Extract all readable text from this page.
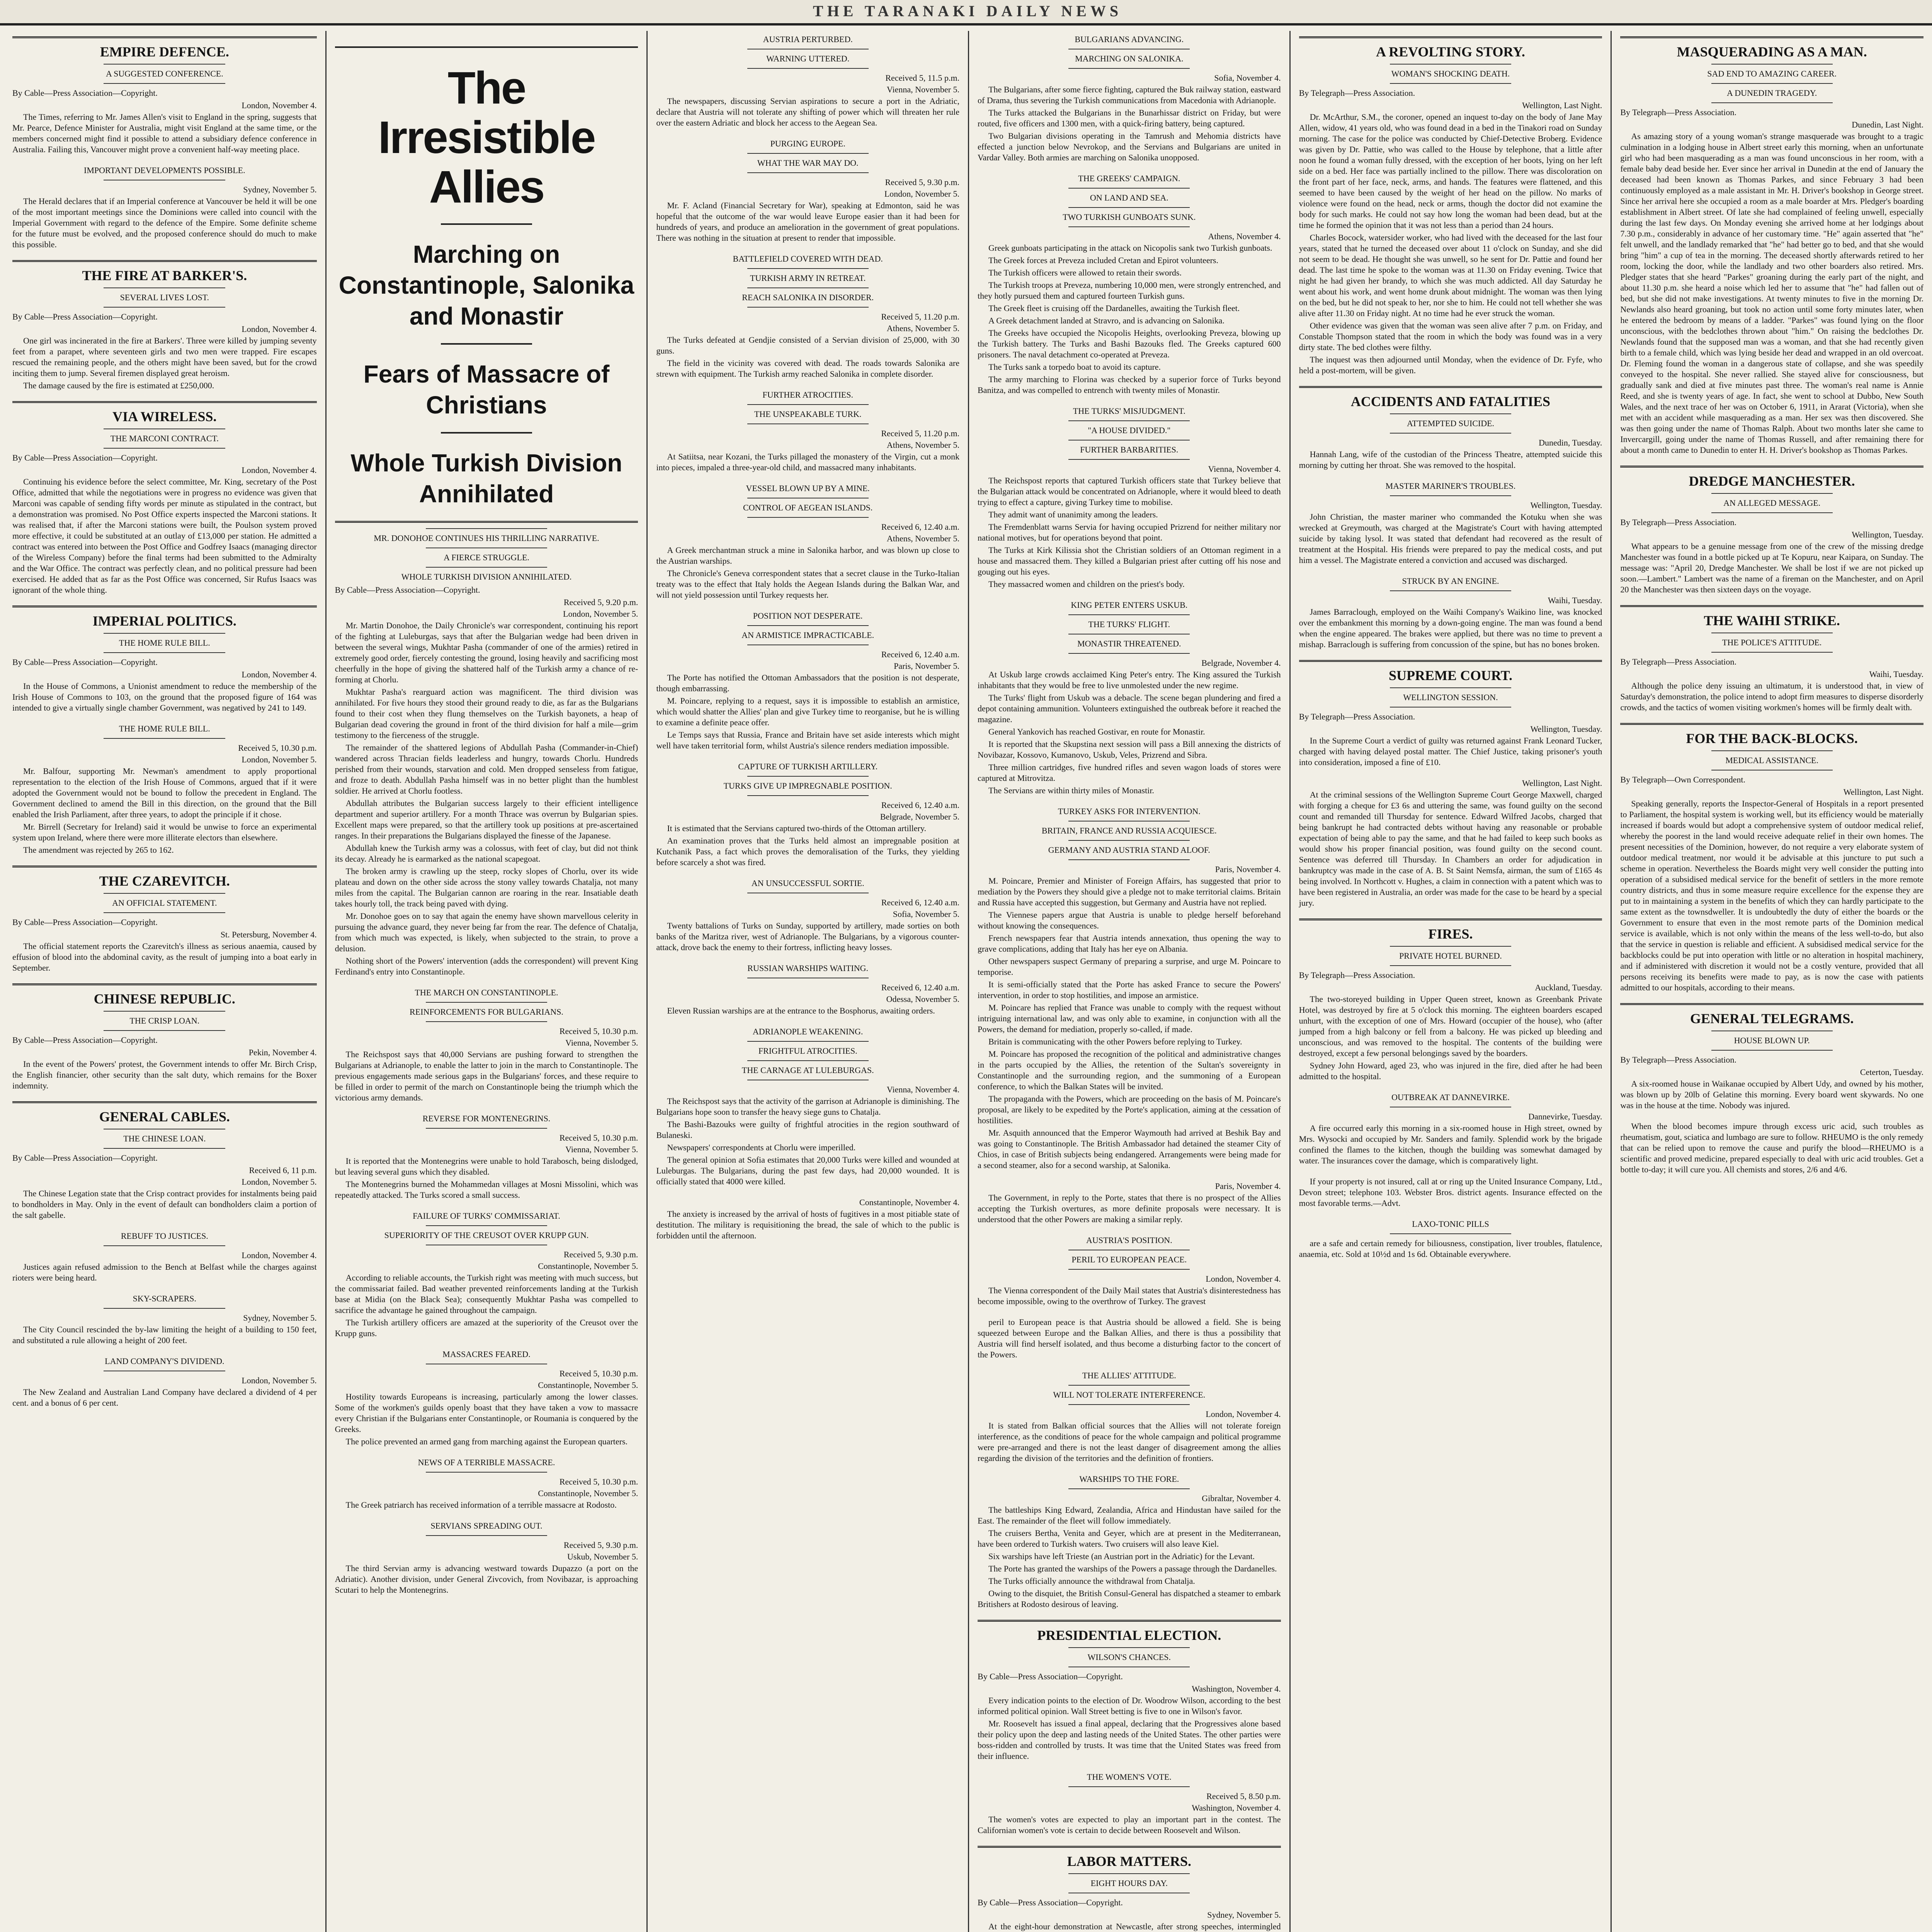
THE TARANAKI DAILY NEWS
EMPIRE DEFENCE.
A SUGGESTED CONFERENCE.
By Cable—Press Association—Copyright.
London, November 4.

The Times, referring to Mr. James Allen's visit to England in the spring, suggests that Mr. Pearce, Defence Minister for Australia, might visit England at the same time, or the members concerned might find it possible to attend a subsidiary defence conference in Australia. Failing this, Vancouver might prove a convenient half-way meeting place.

IMPORTANT DEVELOPMENTS POSSIBLE.
Sydney, November 5.

The Herald declares that if an Imperial conference at Vancouver be held it will be one of the most important meetings since the Dominions were called into council with the Imperial Government with regard to the defence of the Empire. Some definite scheme for the future must be evolved, and the proposed conference should do much to make this possible.

THE FIRE AT BARKER'S.
SEVERAL LIVES LOST.
By Cable—Press Association—Copyright.
London, November 4.

One girl was incinerated in the fire at Barkers'. Three were killed by jumping seventy feet from a parapet, where seventeen girls and two men were trapped. Fire escapes rescued the remaining people, and the others might have been saved, but for the crowd inciting them to jump. Several firemen displayed great heroism.

The damage caused by the fire is estimated at £250,000.

VIA WIRELESS.
THE MARCONI CONTRACT.
By Cable—Press Association—Copyright.
London, November 4.

Continuing his evidence before the select committee, Mr. King, secretary of the Post Office, admitted that while the negotiations were in progress no evidence was given that Marconi was capable of sending fifty words per minute as stipulated in the contract, but a demonstration was promised. No Post Office experts inspected the Marconi stations. It was realised that, if after the Marconi stations were built, the Poulson system proved more effective, it could be substituted at an outlay of £13,000 per station. He admitted a contract was entered into between the Post Office and Godfrey Isaacs (managing director of the Wireless Company) before the final terms had been submitted to the Admiralty and the War Office. The contract was perfectly clean, and no political pressure had been exercised. He added that as far as the Post Office was concerned, Sir Rufus Isaacs was ignorant of the whole thing.

IMPERIAL POLITICS.
THE HOME RULE BILL.
By Cable—Press Association—Copyright.
London, November 4.

In the House of Commons, a Unionist amendment to reduce the membership of the Irish House of Commons to 103, on the ground that the proposed figure of 164 was intended to give a virtually single chamber Government, was negatived by 241 to 149.

THE HOME RULE BILL.
Received 5, 10.30 p.m.
London, November 5.

Mr. Balfour, supporting Mr. Newman's amendment to apply proportional representation to the election of the Irish House of Commons, argued that if it were adopted the Government would not be bound to follow the precedent in England. The Government declined to amend the Bill in this direction, on the ground that the Bill enabled the Irish Parliament, after three years, to adopt the principle if it chose.

Mr. Birrell (Secretary for Ireland) said it would be unwise to force an experimental system upon Ireland, where there were more illiterate electors than elsewhere.

The amendment was rejected by 265 to 162.

THE CZAREVITCH.
AN OFFICIAL STATEMENT.
By Cable—Press Association—Copyright.
St. Petersburg, November 4.

The official statement reports the Czarevitch's illness as serious anaemia, caused by effusion of blood into the abdominal cavity, as the result of jumping into a boat early in September.

CHINESE REPUBLIC.
THE CRISP LOAN.
By Cable—Press Association—Copyright.
Pekin, November 4.

In the event of the Powers' protest, the Government intends to offer Mr. Birch Crisp, the English financier, other security than the salt duty, which remains for the Boxer indemnity.

GENERAL CABLES.
THE CHINESE LOAN.
By Cable—Press Association—Copyright.
Received 6, 11 p.m.
London, November 5.

The Chinese Legation state that the Crisp contract provides for instalments being paid to bondholders in May. Only in the event of default can bondholders claim a portion of the salt gabelle.

REBUFF TO JUSTICES.
London, November 4.

Justices again refused admission to the Bench at Belfast while the charges against rioters were being heard.

SKY-SCRAPERS.
Sydney, November 5.

The City Council rescinded the by-law limiting the height of a building to 150 feet, and substituted a rule allowing a height of 200 feet.

LAND COMPANY'S DIVIDEND.
London, November 5.

The New Zealand and Australian Land Company have declared a dividend of 4 per cent. and a bonus of 6 per cent.

The Irresistible Allies
Marching on Constantinople, Salonika and Monastir
Fears of Massacre of Christians
Whole Turkish Division Annihilated
MR. DONOHOE CONTINUES HIS THRILLING NARRATIVE.
A FIERCE STRUGGLE.
WHOLE TURKISH DIVISION ANNIHILATED.
By Cable—Press Association—Copyright.
Received 5, 9.20 p.m.
London, November 5.

Mr. Martin Donohoe, the Daily Chronicle's war correspondent, continuing his report of the fighting at Luleburgas, says that after the Bulgarian wedge had been driven in between the several wings, Mukhtar Pasha (commander of one of the armies) retired in extremely good order, fiercely contesting the ground, losing heavily and sacrificing most cheerfully in the hope of giving the shattered half of the Turkish army a chance of re-forming at Chorlu.

Mukhtar Pasha's rearguard action was magnificent. The third division was annihilated. For five hours they stood their ground ready to die, as far as the Bulgarians found to their cost when they flung themselves on the Turkish bayonets, a heap of Bulgarian dead covering the ground in front of the third division for half a mile—grim testimony to the fierceness of the struggle.

The remainder of the shattered legions of Abdullah Pasha (Commander-in-Chief) wandered across Thracian fields leaderless and hungry, towards Chorlu. Hundreds perished from their wounds, starvation and cold. Men dropped senseless from fatigue, and froze to death. Abdullah Pasha himself was in no better plight than the humblest soldier. He arrived at Chorlu footless.

Abdullah attributes the Bulgarian success largely to their efficient intelligence department and superior artillery. For a month Thrace was overrun by Bulgarian spies. Excellent maps were prepared, so that the artillery took up positions at pre-ascertained ranges. In their preparations the Bulgarians displayed the finesse of the Japanese.

Abdullah knew the Turkish army was a colossus, with feet of clay, but did not think its decay. Already he is earmarked as the national scapegoat.

The broken army is crawling up the steep, rocky slopes of Chorlu, over its wide plateau and down on the other side across the stony valley towards Chatalja, not many miles from the capital. The Bulgarian cannon are roaring in the rear. Insatiable death takes hourly toll, the track being paved with dying.

Mr. Donohoe goes on to say that again the enemy have shown marvellous celerity in pursuing the advance guard, they never being far from the rear. The defence of Chatalja, from which much was expected, is likely, when subjected to the strain, to prove a delusion.

Nothing short of the Powers' intervention (adds the correspondent) will prevent King Ferdinand's entry into Constantinople.

THE MARCH ON CONSTANTINOPLE.
REINFORCEMENTS FOR BULGARIANS.
Received 5, 10.30 p.m.
Vienna, November 5.

The Reichspost says that 40,000 Servians are pushing forward to strengthen the Bulgarians at Adrianople, to enable the latter to join in the march to Constantinople. The previous engagements made serious gaps in the Bulgarians' forces, and these require to be filled in order to permit of the march on Constantinople being the triumph which the victorious army demands.

REVERSE FOR MONTENEGRINS.
Received 5, 10.30 p.m.
Vienna, November 5.

It is reported that the Montenegrins were unable to hold Tarabosch, being dislodged, but leaving several guns which they disabled.

The Montenegrins burned the Mohammedan villages at Mosni Missolini, which was repeatedly attacked. The Turks scored a small success.

FAILURE OF TURKS' COMMISSARIAT.
SUPERIORITY OF THE CREUSOT OVER KRUPP GUN.
Received 5, 9.30 p.m.
Constantinople, November 5.

According to reliable accounts, the Turkish right was meeting with much success, but the commissariat failed. Bad weather prevented reinforcements landing at the Turkish base at Midia (on the Black Sea); consequently Mukhtar Pasha was compelled to sacrifice the advantage he gained throughout the campaign.

The Turkish artillery officers are amazed at the superiority of the Creusot over the Krupp guns.

MASSACRES FEARED.
Received 5, 10.30 p.m.
Constantinople, November 5.

Hostility towards Europeans is increasing, particularly among the lower classes. Some of the workmen's guilds openly boast that they have taken a vow to massacre every Christian if the Bulgarians enter Constantinople, or Roumania is conquered by the Greeks.

The police prevented an armed gang from marching against the European quarters.

NEWS OF A TERRIBLE MASSACRE.
Received 5, 10.30 p.m.
Constantinople, November 5.

The Greek patriarch has received information of a terrible massacre at Rodosto.

SERVIANS SPREADING OUT.
Received 5, 9.30 p.m.
Uskub, November 5.

The third Servian army is advancing westward towards Dupazzo (a port on the Adriatic). Another division, under General Zivcovich, from Novibazar, is approaching Scutari to help the Montenegrins.

AUSTRIA PERTURBED.
WARNING UTTERED.
Received 5, 11.5 p.m.
Vienna, November 5.

The newspapers, discussing Servian aspirations to secure a port in the Adriatic, declare that Austria will not tolerate any shifting of power which will threaten her rule over the eastern Adriatic and block her access to the Aegean Sea.

PURGING EUROPE.
WHAT THE WAR MAY DO.
Received 5, 9.30 p.m.
London, November 5.

Mr. F. Acland (Financial Secretary for War), speaking at Edmonton, said he was hopeful that the outcome of the war would leave Europe easier than it had been for hundreds of years, and produce an amelioration in the government of great populations. There was nothing in the situation at present to render that impossible.

BATTLEFIELD COVERED WITH DEAD.
TURKISH ARMY IN RETREAT.
REACH SALONIKA IN DISORDER.
Received 5, 11.20 p.m.
Athens, November 5.

The Turks defeated at Gendjie consisted of a Servian division of 25,000, with 30 guns.

The field in the vicinity was covered with dead. The roads towards Salonika are strewn with equipment. The Turkish army reached Salonika in complete disorder.

FURTHER ATROCITIES.
THE UNSPEAKABLE TURK.
Received 5, 11.20 p.m.
Athens, November 5.

At Satiitsa, near Kozani, the Turks pillaged the monastery of the Virgin, cut a monk into pieces, impaled a three-year-old child, and massacred many inhabitants.

VESSEL BLOWN UP BY A MINE.
CONTROL OF AEGEAN ISLANDS.
Received 6, 12.40 a.m.
Athens, November 5.

A Greek merchantman struck a mine in Salonika harbor, and was blown up close to the Austrian warships.

The Chronicle's Geneva correspondent states that a secret clause in the Turko-Italian treaty was to the effect that Italy holds the Aegean Islands during the Balkan War, and will not yield possession until Turkey requests her.

POSITION NOT DESPERATE.
AN ARMISTICE IMPRACTICABLE.
Received 6, 12.40 a.m.
Paris, November 5.

The Porte has notified the Ottoman Ambassadors that the position is not desperate, though embarrassing.

M. Poincare, replying to a request, says it is impossible to establish an armistice, which would shatter the Allies' plan and give Turkey time to reorganise, but he is willing to examine a definite peace offer.

Le Temps says that Russia, France and Britain have set aside interests which might well have taken territorial form, whilst Austria's silence renders mediation impossible.

CAPTURE OF TURKISH ARTILLERY.
TURKS GIVE UP IMPREGNABLE POSITION.
Received 6, 12.40 a.m.
Belgrade, November 5.

It is estimated that the Servians captured two-thirds of the Ottoman artillery.

An examination proves that the Turks held almost an impregnable position at Kutchanik Pass, a fact which proves the demoralisation of the Turks, they yielding before scarcely a shot was fired.

AN UNSUCCESSFUL SORTIE.
Received 6, 12.40 a.m.
Sofia, November 5.

Twenty battalions of Turks on Sunday, supported by artillery, made sorties on both banks of the Maritza river, west of Adrianople. The Bulgarians, by a vigorous counter-attack, drove back the enemy to their fortress, inflicting heavy losses.

RUSSIAN WARSHIPS WAITING.
Received 6, 12.40 a.m.
Odessa, November 5.

Eleven Russian warships are at the entrance to the Bosphorus, awaiting orders.

ADRIANOPLE WEAKENING.
FRIGHTFUL ATROCITIES.
THE CARNAGE AT LULEBURGAS.
Vienna, November 4.

The Reichspost says that the activity of the garrison at Adrianople is diminishing. The Bulgarians hope soon to transfer the heavy siege guns to Chatalja.

The Bashi-Bazouks were guilty of frightful atrocities in the region southward of Bulaneski.

Newspapers' correspondents at Chorlu were imperilled.

The general opinion at Sofia estimates that 20,000 Turks were killed and wounded at Luleburgas. The Bulgarians, during the past few days, had 20,000 wounded. It is officially stated that 4000 were killed.

Constantinople, November 4.

The anxiety is increased by the arrival of hosts of fugitives in a most pitiable state of destitution. The military is requisitioning the bread, the sale of which to the public is forbidden until the afternoon.

BULGARIANS ADVANCING.
MARCHING ON SALONIKA.
Sofia, November 4.

The Bulgarians, after some fierce fighting, captured the Buk railway station, eastward of Drama, thus severing the Turkish communications from Macedonia with Adrianople.

The Turks attacked the Bulgarians in the Bunarhissar district on Friday, but were routed, five officers and 1300 men, with a quick-firing battery, being captured.

Two Bulgarian divisions operating in the Tamrush and Mehomia districts have effected a junction below Nevrokop, and the Servians and Bulgarians are united in Vardar Valley. Both armies are marching on Salonika unopposed.

THE GREEKS' CAMPAIGN.
ON LAND AND SEA.
TWO TURKISH GUNBOATS SUNK.
Athens, November 4.

Greek gunboats participating in the attack on Nicopolis sank two Turkish gunboats.

The Greek forces at Preveza included Cretan and Epirot volunteers.

The Turkish officers were allowed to retain their swords.

The Turkish troops at Preveza, numbering 10,000 men, were strongly entrenched, and they hotly pursued them and captured fourteen Turkish guns.

The Greek fleet is cruising off the Dardanelles, awaiting the Turkish fleet.

A Greek detachment landed at Stravro, and is advancing on Salonika.

The Greeks have occupied the Nicopolis Heights, overlooking Preveza, blowing up the Turkish battery. The Turks and Bashi Bazouks fled. The Greeks captured 600 prisoners. The naval detachment co-operated at Preveza.

The Turks sank a torpedo boat to avoid its capture.

The army marching to Florina was checked by a superior force of Turks beyond Banitza, and was compelled to entrench with twenty miles of Monastir.

THE TURKS' MISJUDGMENT.
"A HOUSE DIVIDED."
FURTHER BARBARITIES.
Vienna, November 4.

The Reichspost reports that captured Turkish officers state that Turkey believe that the Bulgarian attack would be concentrated on Adrianople, where it would bleed to death trying to effect a capture, giving Turkey time to mobilise.

They admit want of unanimity among the leaders.

The Fremdenblatt warns Servia for having occupied Prizrend for neither military nor national motives, but for operations beyond that point.

The Turks at Kirk Kilissia shot the Christian soldiers of an Ottoman regiment in a house and massacred them. They killed a Bulgarian priest after cutting off his nose and gouging out his eyes.

They massacred women and children on the priest's body.

KING PETER ENTERS USKUB.
THE TURKS' FLIGHT.
MONASTIR THREATENED.
Belgrade, November 4.

At Uskub large crowds acclaimed King Peter's entry. The King assured the Turkish inhabitants that they would be free to live unmolested under the new regime.

The Turks' flight from Uskub was a debacle. The scene began plundering and fired a depot containing ammunition. Volunteers extinguished the outbreak before it reached the magazine.

General Yankovich has reached Gostivar, en route for Monastir.

It is reported that the Skupstina next session will pass a Bill annexing the districts of Novibazar, Kossovo, Kumanovo, Uskub, Veles, Prizrend and Sibra.

Three million cartridges, five hundred rifles and seven wagon loads of stores were captured at Mitrovitza.

The Servians are within thirty miles of Monastir.

TURKEY ASKS FOR INTERVENTION.
BRITAIN, FRANCE AND RUSSIA ACQUIESCE.
GERMANY AND AUSTRIA STAND ALOOF.
Paris, November 4.

M. Poincare, Premier and Minister of Foreign Affairs, has suggested that prior to mediation by the Powers they should give a pledge not to make territorial claims. Britain and Russia have accepted this suggestion, but Germany and Austria have not replied.

The Viennese papers argue that Austria is unable to pledge herself beforehand without knowing the consequences.

French newspapers fear that Austria intends annexation, thus opening the way to grave complications, adding that Italy has her eye on Albania.

Other newspapers suspect Germany of preparing a surprise, and urge M. Poincare to temporise.

It is semi-officially stated that the Porte has asked France to secure the Powers' intervention, in order to stop hostilities, and impose an armistice.

M. Poincare has replied that France was unable to comply with the request without intriguing international law, and was only able to examine, in conjunction with all the Powers, the demand for mediation, properly so-called, if made.

Britain is communicating with the other Powers before replying to Turkey.

M. Poincare has proposed the recognition of the political and administrative changes in the parts occupied by the Allies, the retention of the Sultan's sovereignty in Constantinople and the surrounding region, and the summoning of a European conference, to which the Balkan States will be invited.

The propaganda with the Powers, which are proceeding on the basis of M. Poincare's proposal, are likely to be expedited by the Porte's application, aiming at the cessation of hostilities.

Mr. Asquith announced that the Emperor Waymouth had arrived at Beshik Bay and was going to Constantinople. The British Ambassador had detained the steamer City of Chios, in case of British subjects being endangered. Arrangements were being made for a second steamer, also for a second warship, at Salonika.

Paris, November 4.

The Government, in reply to the Porte, states that there is no prospect of the Allies accepting the Turkish overtures, as more definite proposals were necessary. It is understood that the other Powers are making a similar reply.

AUSTRIA'S POSITION.
PERIL TO EUROPEAN PEACE.
London, November 4.

The Vienna correspondent of the Daily Mail states that Austria's disinterestedness has become impossible, owing to the overthrow of Turkey. The gravest

peril to European peace is that Austria should be allowed a field. She is being squeezed between Europe and the Balkan Allies, and there is thus a possibility that Austria will find herself isolated, and thus become a disturbing factor to the concert of the Powers.

THE ALLIES' ATTITUDE.
WILL NOT TOLERATE INTERFERENCE.
London, November 4.

It is stated from Balkan official sources that the Allies will not tolerate foreign interference, as the conditions of peace for the whole campaign and political programme were pre-arranged and there is not the least danger of disagreement among the allies regarding the division of the territories and the definition of frontiers.

WARSHIPS TO THE FORE.
Gibraltar, November 4.

The battleships King Edward, Zealandia, Africa and Hindustan have sailed for the East. The remainder of the fleet will follow immediately.

The cruisers Bertha, Venita and Geyer, which are at present in the Mediterranean, have been ordered to Turkish waters. Two cruisers will also leave Kiel.

Six warships have left Trieste (an Austrian port in the Adriatic) for the Levant.

The Porte has granted the warships of the Powers a passage through the Dardanelles.

The Turks officially announce the withdrawal from Chatalja.

Owing to the disquiet, the British Consul-General has dispatched a steamer to embark Britishers at Rodosto desirous of leaving.

PRESIDENTIAL ELECTION.
WILSON'S CHANCES.
By Cable—Press Association—Copyright.
Washington, November 4.

Every indication points to the election of Dr. Woodrow Wilson, according to the best informed political opinion. Wall Street betting is five to one in Wilson's favor.

Mr. Roosevelt has issued a final appeal, declaring that the Progressives alone based their policy upon the deep and lasting needs of the United States. The other parties were boss-ridden and controlled by trusts. It was time that the United States was freed from their influence.

THE WOMEN'S VOTE.
Received 5, 8.50 p.m.
Washington, November 4.

The women's votes are expected to play an important part in the contest. The Californian women's vote is certain to decide between Roosevelt and Wilson.

LABOR MATTERS.
EIGHT HOURS DAY.
By Cable—Press Association—Copyright.
Sydney, November 5.

At the eight-hour demonstration at Newcastle, after strong speeches, intermingled

A REVOLTING STORY.
WOMAN'S SHOCKING DEATH.
By Telegraph—Press Association.
Wellington, Last Night.

Dr. McArthur, S.M., the coroner, opened an inquest to-day on the body of Jane May Allen, widow, 41 years old, who was found dead in a bed in the Tinakori road on Sunday morning. The case for the police was conducted by Chief-Detective Broberg. Evidence was given by Dr. Pattie, who was called to the House by telephone, that a little after noon he found a woman fully dressed, with the exception of her boots, lying on her left side on a bed. Her face was partially inclined to the pillow. There was discoloration on the front part of her face, neck, arms, and hands. The features were flattened, and this seemed to have been caused by the weight of her head on the pillow. No marks of violence were found on the head, neck or arms, though the doctor did not examine the body for such marks. He could not say how long the woman had been dead, but at the time he formed the opinion that it was not less than a period than 24 hours.

Charles Bocock, watersider worker, who had lived with the deceased for the last four years, stated that he turned the deceased over about 11 o'clock on Sunday, and she did not seem to be dead. He thought she was unwell, so he sent for Dr. Pattie and found her dead. The last time he spoke to the woman was at 11.30 on Friday evening. Twice that night he had given her brandy, to which she was much addicted. All day Saturday he went about his work, and went home drunk about midnight. The woman was then lying on the bed, but he did not speak to her, nor she to him. He could not tell whether she was alive after 11.30 on Friday night. At no time had he ever struck the woman.

Other evidence was given that the woman was seen alive after 7 p.m. on Friday, and Constable Thompson stated that the room in which the body was found was in a very dirty state. The bed clothes were filthy.

The inquest was then adjourned until Monday, when the evidence of Dr. Fyfe, who held a post-mortem, will be given.

ACCIDENTS AND FATALITIES
ATTEMPTED SUICIDE.
Dunedin, Tuesday.

Hannah Lang, wife of the custodian of the Princess Theatre, attempted suicide this morning by cutting her throat. She was removed to the hospital.

MASTER MARINER'S TROUBLES.
Wellington, Tuesday.

John Christian, the master mariner who commanded the Kotuku when she was wrecked at Greymouth, was charged at the Magistrate's Court with having attempted suicide by taking lysol. It was stated that defendant had recovered as the result of treatment at the Hospital. His friends were prepared to pay the medical costs, and put him a vessel. The Magistrate entered a conviction and accused was discharged.

STRUCK BY AN ENGINE.
Waihi, Tuesday.

James Barraclough, employed on the Waihi Company's Waikino line, was knocked over the embankment this morning by a down-going engine. The man was found a bend when the engine appeared. The brakes were applied, but there was no time to prevent a mishap. Barraclough is suffering from concussion of the spine, but has no bones broken.

SUPREME COURT.
WELLINGTON SESSION.
By Telegraph—Press Association.
Wellington, Tuesday.

In the Supreme Court a verdict of guilty was returned against Frank Leonard Tucker, charged with having delayed postal matter. The Chief Justice, taking prisoner's youth into consideration, imposed a fine of £10.

Wellington, Last Night.

At the criminal sessions of the Wellington Supreme Court George Maxwell, charged with forging a cheque for £3 6s and uttering the same, was found guilty on the second count and remanded till Thursday for sentence. Edward Wilfred Jacobs, charged that being bankrupt he had contracted debts without having any reasonable or probable expectation of being able to pay the same, and that he had failed to keep such books as would show his proper financial position, was found guilty on the second count. Sentence was deferred till Thursday. In Chambers an order for adjudication in bankruptcy was made in the case of A. B. St Saint Nemsfa, airman, the sum of £165 4s being involved. In Northcott v. Hughes, a claim in connection with a patent which was to have been registered in Australia, an order was made for the case to be heard by a special jury.

FIRES.
PRIVATE HOTEL BURNED.
By Telegraph—Press Association.
Auckland, Tuesday.

The two-storeyed building in Upper Queen street, known as Greenbank Private Hotel, was destroyed by fire at 5 o'clock this morning. The eighteen boarders escaped unhurt, with the exception of one of Mrs. Howard (occupier of the house), who (after jumped from a high balcony or fell from a balcony. He was picked up bleeding and unconscious, and was removed to the hospital. The contents of the building were destroyed, except a few personal belongings saved by the boarders.

Sydney John Howard, aged 23, who was injured in the fire, died after he had been admitted to the hospital.

OUTBREAK AT DANNEVIRKE.
Dannevirke, Tuesday.

A fire occurred early this morning in a six-roomed house in High street, owned by Mrs. Wysocki and occupied by Mr. Sanders and family. Splendid work by the brigade confined the flames to the kitchen, though the building was somewhat damaged by water. The insurances cover the damage, which is comparatively light.

If your property is not insured, call at or ring up the United Insurance Company, Ltd., Devon street; telephone 103. Webster Bros. district agents. Insurance effected on the most favorable terms.—Advt.

LAXO-TONIC PILLS

are a safe and certain remedy for biliousness, constipation, liver troubles, flatulence, anaemia, etc. Sold at 10½d and 1s 6d. Obtainable everywhere.

MASQUERADING AS A MAN.
SAD END TO AMAZING CAREER.
A DUNEDIN TRAGEDY.
By Telegraph—Press Association.
Dunedin, Last Night.

As amazing story of a young woman's strange masquerade was brought to a tragic culmination in a lodging house in Albert street early this morning, when an unfortunate girl who had been masquerading as a man was found unconscious in her room, with a female baby dead beside her. Ever since her arrival in Dunedin at the end of January the deceased had been known as Thomas Parkes, and since February 3 had been continuously employed as a male assistant in Mr. H. Driver's bookshop in George street. Since her arrival here she occupied a room as a male boarder at Mrs. Pledger's boarding establishment in Albert street. Of late she had complained of feeling unwell, especially during the last few days. On Monday evening she arrived home at her lodgings about 7.30 p.m., considerably in advance of her customary time. "He" again asserted that "he" felt unwell, and the landlady remarked that "he" had better go to bed, and that she would bring "him" a cup of tea in the morning. The deceased shortly afterwards retired to her room, locking the door, while the landlady and two other boarders also retired. Mrs. Pledger states that she heard "Parkes" groaning during the early part of the night, and about 11.30 p.m. she heard a noise which led her to assume that "he" had fallen out of bed, but she did not make investigations. At twenty minutes to five in the morning Dr. Newlands also heard groaning, but took no action until some forty minutes later, when he entered the bedroom by means of a ladder. "Parkes" was found lying on the floor unconscious, with the bedclothes thrown about "him." On raising the bedclothes Dr. Newlands found that the supposed man was a woman, and that she had recently given birth to a female child, which was lying beside her dead and wrapped in an old overcoat. Dr. Fleming found the woman in a dangerous state of collapse, and she was speedily conveyed to the hospital. She never rallied. She stayed alive for consciousness, but gradually sank and died at five minutes past three. The woman's real name is Annie Reed, and she is twenty years of age. In fact, she went to school at Dubbo, New South Wales, and the next trace of her was on October 6, 1911, in Ararat (Victoria), when she met with an accident while masquerading as a man. Her sex was then discovered. She was then going under the name of Thomas Ralph. About two months later she came to Invercargill, going under the name of Thomas Russell, and after remaining there for about a month came to Dunedin to enter H. H. Driver's bookshop as Thomas Parkes.

DREDGE MANCHESTER.
AN ALLEGED MESSAGE.
By Telegraph—Press Association.
Wellington, Tuesday.

What appears to be a genuine message from one of the crew of the missing dredge Manchester was found in a bottle picked up at Te Kopuru, near Kaipara, on Sunday. The message was: "April 20, Dredge Manchester. We shall be lost if we are not picked up soon.—Lambert." Lambert was the name of a fireman on the Manchester, and on April 20 the Manchester was then sixteen days on the voyage.

THE WAIHI STRIKE.
THE POLICE'S ATTITUDE.
By Telegraph—Press Association.
Waihi, Tuesday.

Although the police deny issuing an ultimatum, it is understood that, in view of Saturday's demonstration, the police intend to adopt firm measures to disperse disorderly crowds, and the tactics of women visiting workmen's homes will be firmly dealt with.

FOR THE BACK-BLOCKS.
MEDICAL ASSISTANCE.
By Telegraph—Own Correspondent.
Wellington, Last Night.

Speaking generally, reports the Inspector-General of Hospitals in a report presented to Parliament, the hospital system is working well, but its efficiency would be materially increased if boards would but adopt a comprehensive system of outdoor medical relief, whereby the poorest in the land would receive adequate relief in their own homes. The present necessities of the Dominion, however, do not require a very elaborate system of outdoor medical treatment, nor would it be advisable at this juncture to put such a scheme in operation. Nevertheless the Boards might very well consider the putting into operation of a subsidised medical service for the benefit of settlers in the more remote country districts, and thus in some measure require excellence for the expense they are put to in maintaining a system in the benefits of which they can hardly participate to the same extent as the townsdweller. It is undoubtedly the duty of either the boards or the Government to ensure that even in the most remote parts of the Dominion medical service is available, which is not only within the means of the less well-to-do, but also that the service in question is reliable and efficient. A subsidised medical service for the backblocks could be put into operation with little or no alteration in hospital machinery, and if administered with discretion it would not be a costly venture, provided that all persons receiving its benefits were made to pay, as is now the case with patients admitted to our hospitals, according to their means.

GENERAL TELEGRAMS.
HOUSE BLOWN UP.
By Telegraph—Press Association.
Ceterton, Tuesday.

A six-roomed house in Waikanae occupied by Albert Udy, and owned by his mother, was blown up by 20lb of Gelatine this morning. Every board went skywards. No one was in the house at the time. Nobody was injured.

When the blood becomes impure through excess uric acid, such troubles as rheumatism, gout, sciatica and lumbago are sure to follow. RHEUMO is the only remedy that can be relied upon to remove the cause and purify the blood—RHEUMO is a scientific and proved medicine, prepared especially to deal with uric acid troubles. Get a bottle to-day; it will cure you. All chemists and stores, 2/6 and 4/6.
